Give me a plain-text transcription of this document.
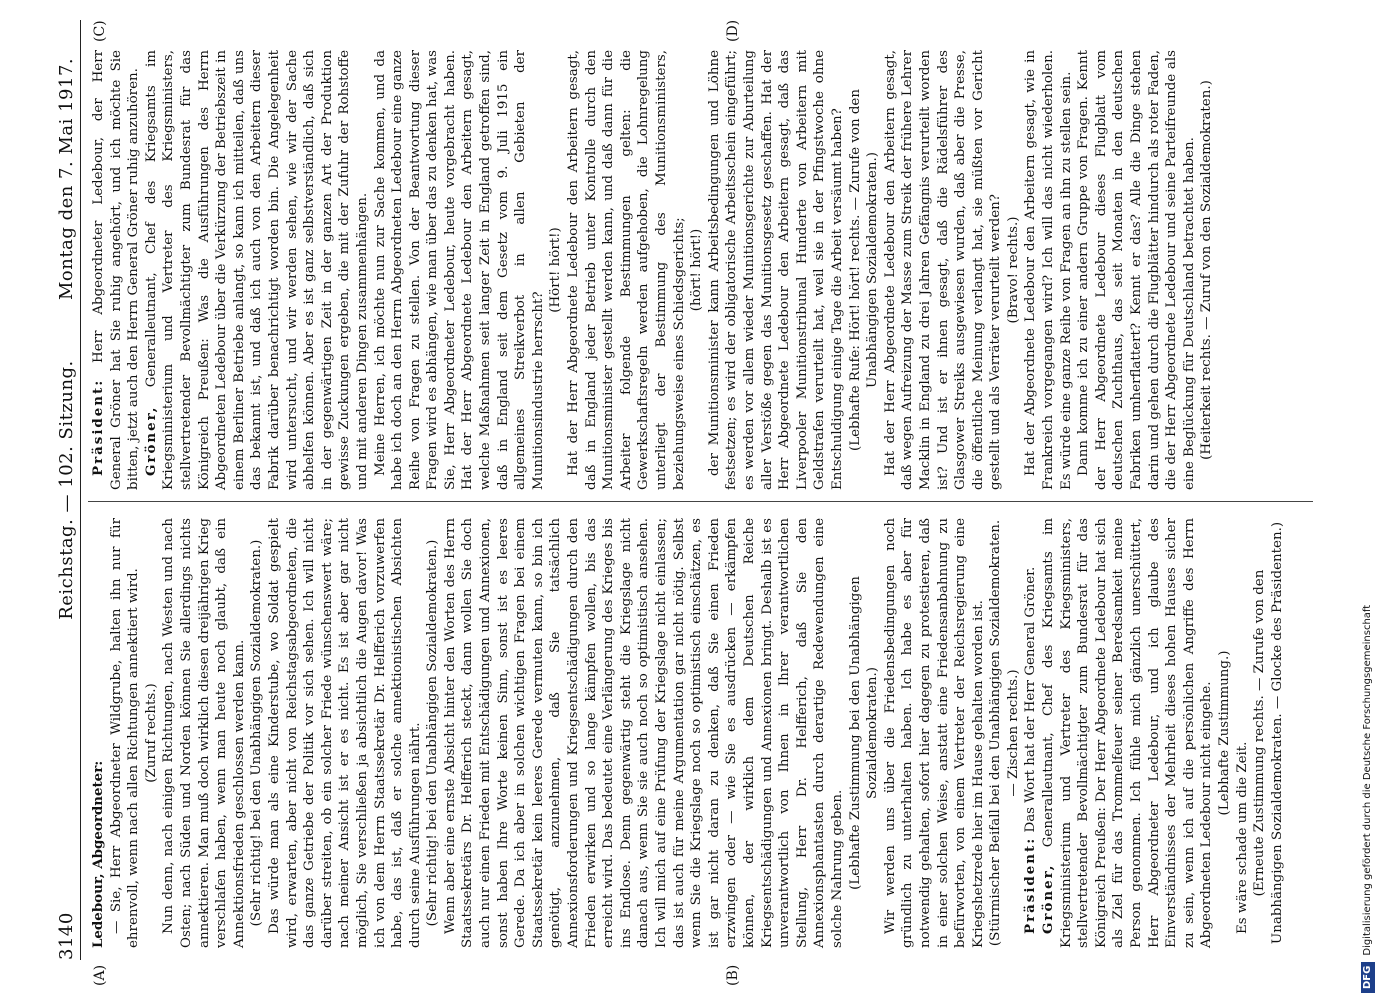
3140
Reichstag. — 102. Sitzung.
Montag den 7. Mai 1917.
(A)	(B)
(C)	(D)

Ledebour, Abgeordneter: — Sie, Herr Abgeordneter Wildgrube, halten ihn nur für ehrenvoll, wenn nach allen Richtungen annektiert wird. (Zuruf rechts.) Nun denn, nach einigen Richtungen, nach Westen und nach Osten; nach Süden und Norden können Sie allerdings nichts annektieren. Man muß doch wirklich diesen dreijährigen Krieg verschlafen haben, wenn man heute noch glaubt, daß ein Annektionsfrieden geschlossen werden kann. (Sehr richtig! bei den Unabhängigen Sozialdemokraten.) Das würde man als eine Kinderstube, wo Soldat gespielt wird, erwarten, aber nicht von Reichstagsabgeordneten, die das ganze Getriebe der Politik vor sich sehen. Ich will nicht darüber streiten, ob ein solcher Friede wünschenswert wäre; nach meiner Ansicht ist er es nicht. Es ist aber gar nicht möglich, Sie verschließen ja absichtlich die Augen davor! Was ich von dem Herrn Staatssekretär Dr. Helfferich vorzuwerfen habe, das ist, daß er solche annektionistischen Absichten durch seine Ausführungen nährt. (Sehr richtig! bei den Unabhängigen Sozialdemokraten.) Wenn aber eine ernste Absicht hinter den Worten des Herrn Staatssekretärs Dr. Helfferich steckt, dann wollen Sie doch auch nur einen Frieden mit Entschädigungen und Annexionen, sonst haben Ihre Worte keinen Sinn, sonst ist es leeres Gerede. Da ich aber in solchen wichtigen Fragen bei einem Staatssekretär kein leeres Gerede vermuten kann, so bin ich genötigt, anzunehmen, daß Sie tatsächlich Annexionsforderungen und Kriegsentschädigungen durch den Frieden erwirken und so lange kämpfen wollen, bis das erreicht wird. Das bedeutet eine Verlängerung des Krieges bis ins Endlose. Denn gegenwärtig steht die Kriegslage nicht danach aus, wenn Sie sie auch noch so optimistisch ansehen. Ich will mich auf eine Prüfung der Kriegslage nicht einlassen; das ist auch für meine Argumentation gar nicht nötig. Selbst wenn Sie die Kriegslage noch so optimistisch einschätzen, es ist gar nicht daran zu denken, daß Sie einen Frieden erzwingen oder — wie Sie es ausdrücken — erkämpfen können, der wirklich dem Deutschen Reiche Kriegsentschädigungen und Annexionen bringt. Deshalb ist es unverantwortlich von Ihnen in Ihrer verantwortlichen Stellung, Herr Dr. Helfferich, daß Sie den Annexionsphantasten durch derartige Redewendungen eine solche Nahrung geben. (Lebhafte Zustimmung bei den Unabhängigen Sozialdemokraten.) Wir werden uns über die Friedensbedingungen noch gründlich zu unterhalten haben. Ich habe es aber für notwendig gehalten, sofort hier dagegen zu protestieren, daß in einer solchen Weise, anstatt eine Friedensanbahnung zu befürworten, von einem Vertreter der Reichsregierung eine Kriegshetzrede hier im Hause gehalten worden ist. (Stürmischer Beifall bei den Unabhängigen Sozialdemokraten. — Zischen rechts.)

Präsident: Das Wort hat der Herr General Gröner.

Gröner, Generalleutnant, Chef des Kriegsamts im Kriegsministerium und Vertreter des Kriegsministers, stellvertretender Bevollmächtigter zum Bundesrat für das Königreich Preußen: Der Herr Abgeordnete Ledebour hat sich als Ziel für das Trommelfeuer seiner Beredsamkeit meine Person genommen. Ich fühle mich gänzlich unerschüttert, Herr Abgeordneter Ledebour, und ich glaube des Einverständnisses der Mehrheit dieses hohen Hauses sicher zu sein, wenn ich auf die persönlichen Angriffe des Herrn Abgeordneten Ledebour nicht eingehe. (Lebhafte Zustimmung.)

Es wäre schade um die Zeit. (Erneute Zustimmung rechts. — Zurufe von den Unabhängigen Sozialdemokraten. — Glocke des Präsidenten.)

Präsident: Herr Abgeordneter Ledebour, der Herr General Gröner hat Sie ruhig angehört, und ich möchte Sie bitten, jetzt auch den Herrn General Gröner ruhig anzuhören. Gröner, Generalleutnant, Chef des Kriegsamts im Kriegsministerium und Vertreter des Kriegsministers, stellvertretender Bevollmächtigter zum Bundesrat für das Königreich Preußen: Was die Ausführungen des Herrn Abgeordneten Ledebour über die Verkürzung der Betriebszeit in einem Berliner Betriebe anlangt, so kann ich mitteilen, daß uns das bekannt ist, und daß ich auch von den Arbeitern dieser Fabrik darüber benachrichtigt worden bin. Die Angelegenheit wird untersucht, und wir werden sehen, wie wir der Sache abhelfen können. Aber es ist ganz selbstverständlich, daß sich in der gegenwärtigen Zeit in der ganzen Art der Produktion gewisse Zuckungen ergeben, die mit der Zufuhr der Rohstoffe und mit anderen Dingen zusammenhängen. Meine Herren, ich möchte nun zur Sache kommen, und da habe ich doch an den Herrn Abgeordneten Ledebour eine ganze Reihe von Fragen zu stellen. Von der Beantwortung dieser Fragen wird es abhängen, wie man über das zu denken hat, was Sie, Herr Abgeordneter Ledebour, heute vorgebracht haben. Hat der Herr Abgeordnete Ledebour den Arbeitern gesagt, welche Maßnahmen seit langer Zeit in England getroffen sind, daß in England seit dem Gesetz vom 9. Juli 1915 ein allgemeines Streikverbot in allen Gebieten der Munitionsindustrie herrscht?

(Hört! hört!) Hat der Herr Abgeordnete Ledebour den Arbeitern gesagt, daß in England jeder Betrieb unter Kontrolle durch den Munitionsminister gestellt werden kann, und daß dann für die Arbeiter folgende Bestimmungen gelten: die Gewerkschaftsregeln werden aufgehoben, die Lohnregelung unterliegt der Bestimmung des Munitionsministers, beziehungsweise eines Schiedsgerichts; (hört! hört!) der Munitionsminister kann Arbeitsbedingungen und Löhne festsetzen; es wird der obligatorische Arbeitsschein eingeführt; es werden vor allem wieder Munitionsgerichte zur Aburteilung aller Verstöße gegen das Munitionsgesetz geschaffen. Hat der Herr Abgeordnete Ledebour den Arbeitern gesagt, daß das Liverpooler Munitionstribunal Hunderte von Arbeitern mit Geldstrafen verurteilt hat, weil sie in der Pfingstwoche ohne Entschuldigung einige Tage die Arbeit versäumt haben? (Lebhafte Rufe: Hört! hört! rechts. — Zurufe von den Unabhängigen Sozialdemokraten.) Hat der Herr Abgeordnete Ledebour den Arbeitern gesagt, daß wegen Aufreizung der Masse zum Streik der frühere Lehrer Macklin in England zu drei Jahren Gefängnis verurteilt worden ist? Und ist er ihnen gesagt, daß die Rädelsführer des Glasgower Streiks ausgewiesen wurden, daß aber die Presse, die öffentliche Meinung verlangt hat, sie müßten vor Gericht gestellt und als Verräter verurteilt werden? (Bravo! rechts.) Hat der Abgeordnete Ledebour den Arbeitern gesagt, wie in Frankreich vorgegangen wird? Ich will das nicht wiederholen. Es würde eine ganze Reihe von Fragen an ihn zu stellen sein. Dann komme ich zu einer andern Gruppe von Fragen. Kennt der Herr Abgeordnete Ledebour dieses Flugblatt vom deutschen Zuchthaus, das seit Monaten in den deutschen Fabriken umherflattert? Kennt er das? Alle die Dinge stehen darin und gehen durch die Flugblätter hindurch als roter Faden, die der Herr Abgeordnete Ledebour und seine Parteifreunde als eine Beglückung für Deutschland betrachtet haben. (Heiterkeit rechts. — Zuruf von den Sozialdemokraten.)

DFGDigitalisierung gefördert durch die Deutsche Forschungsgemeinschaft
